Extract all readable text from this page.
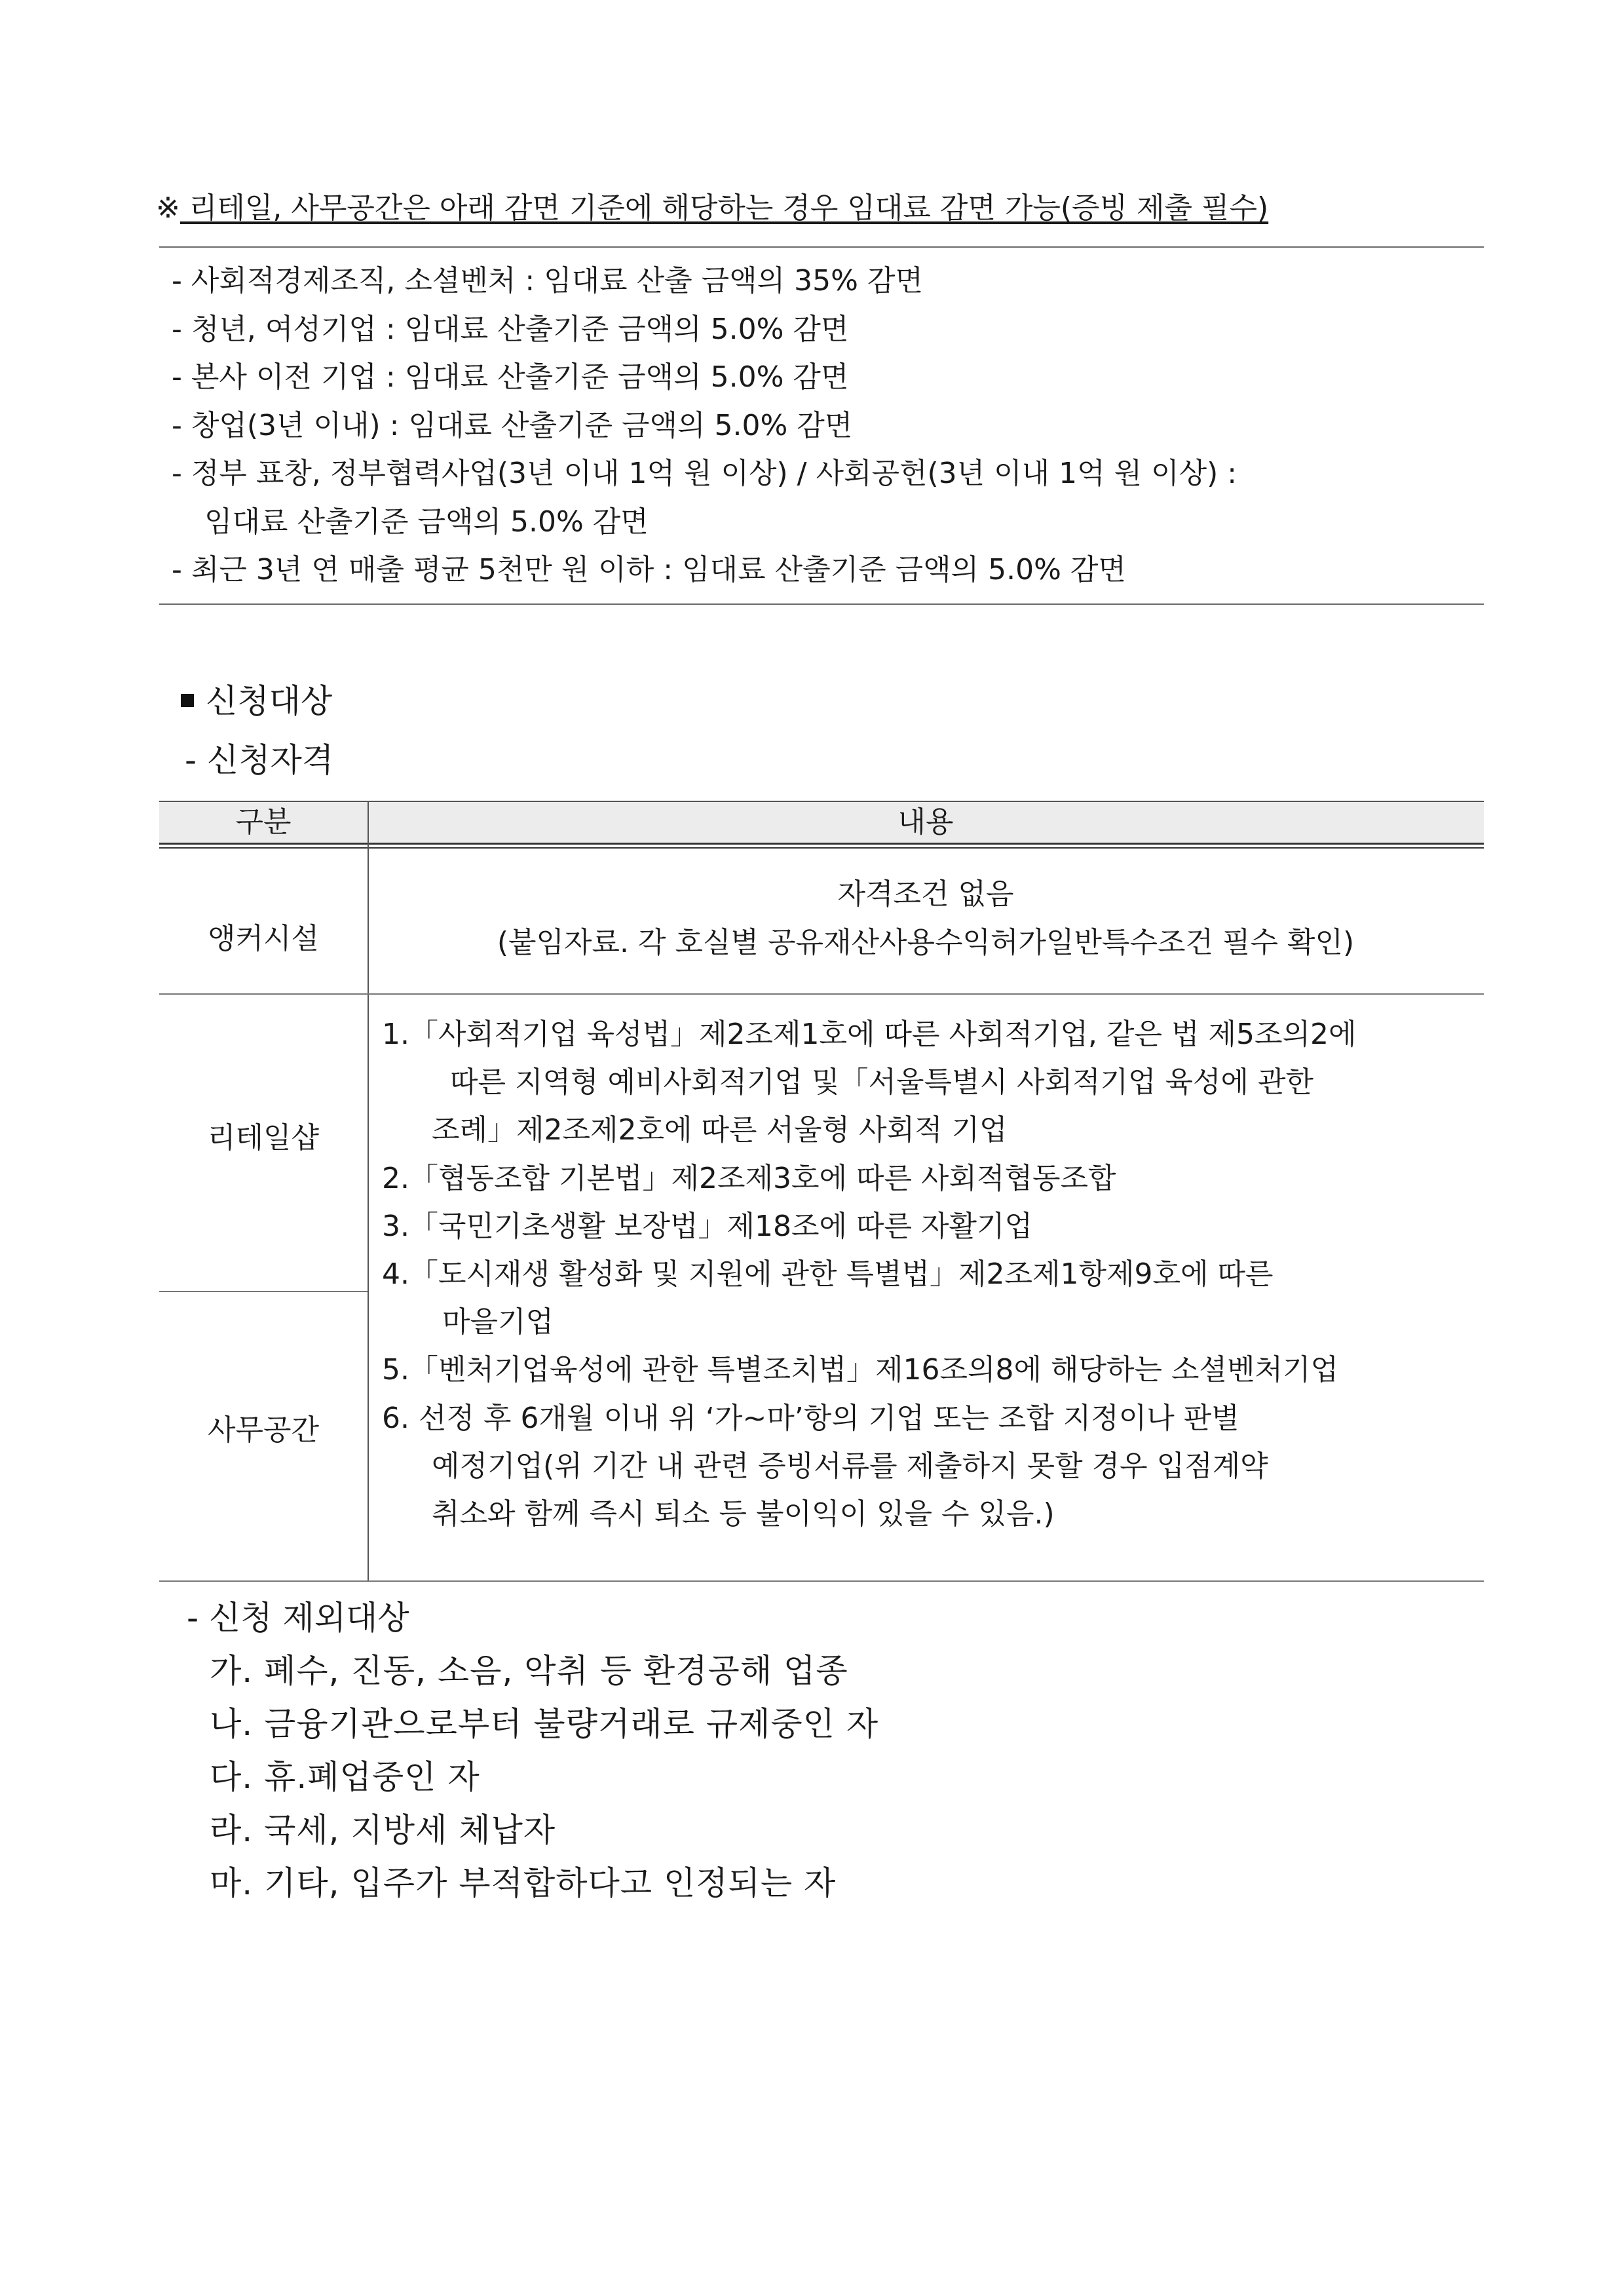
※ 리테일, 사무공간은 아래 감면 기준에 해당하는 경우 임대료 감면 가능(증빙 제출 필수)
- 사회적경제조직, 소셜벤처 : 임대료 산출 금액의 35% 감면
- 청년, 여성기업 : 임대료 산출기준 금액의 5.0% 감면
- 본사 이전 기업 : 임대료 산출기준 금액의 5.0% 감면
- 창업(3년 이내) : 임대료 산출기준 금액의 5.0% 감면
- 정부 표창, 정부협력사업(3년 이내 1억 원 이상) / 사회공헌(3년 이내 1억 원 이상) :
임대료 산출기준 금액의 5.0% 감면
- 최근 3년 연 매출 평균 5천만 원 이하 : 임대료 산출기준 금액의 5.0% 감면
신청대상
- 신청자격
구분	내용
앵커시설
자격조건 없음
(붙임자료. 각 호실별 공유재산사용수익허가일반특수조건 필수 확인)
리테일샵
사무공간
1.「사회적기업 육성법」제2조제1호에 따른 사회적기업, 같은 법 제5조의2에
따른 지역형 예비사회적기업 및「서울특별시 사회적기업 육성에 관한
조례」제2조제2호에 따른 서울형 사회적 기업
2.「협동조합 기본법」제2조제3호에 따른 사회적협동조합
3.「국민기초생활 보장법」제18조에 따른 자활기업
4.「도시재생 활성화 및 지원에 관한 특별법」제2조제1항제9호에 따른
마을기업
5.「벤처기업육성에 관한 특별조치법」제16조의8에 해당하는 소셜벤처기업
6. 선정 후 6개월 이내 위 ‘가~마’항의 기업 또는 조합 지정이나 판별
예정기업(위 기간 내 관련 증빙서류를 제출하지 못할 경우 입점계약
취소와 함께 즉시 퇴소 등 불이익이 있을 수 있음.)
- 신청 제외대상
가. 폐수, 진동, 소음, 악취 등 환경공해 업종
나. 금융기관으로부터 불량거래로 규제중인 자
다. 휴.폐업중인 자
라. 국세, 지방세 체납자
마. 기타, 입주가 부적합하다고 인정되는 자
